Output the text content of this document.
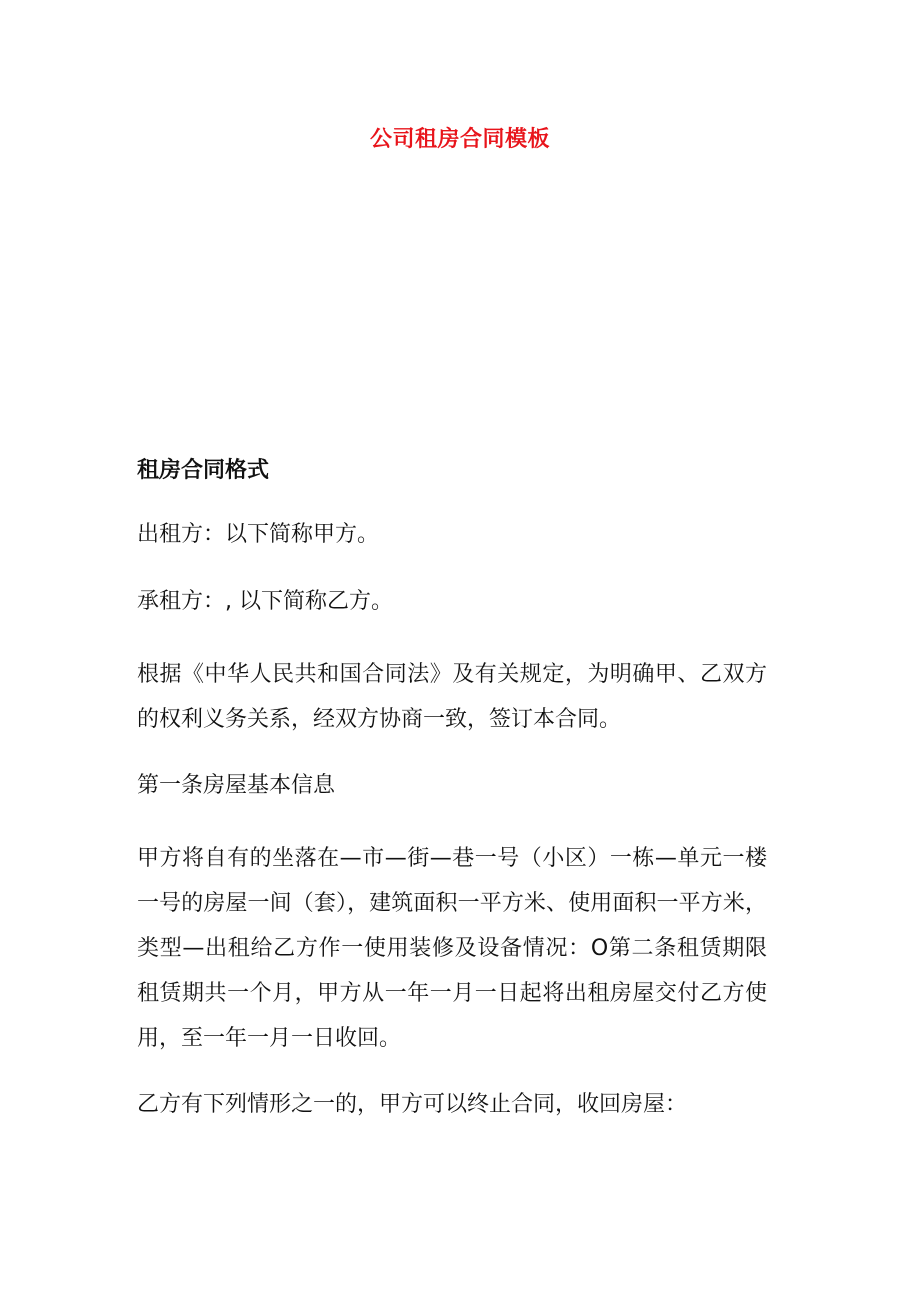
公司租房合同模板
租房合同格式

出租方：以下简称甲方。

承租方：, 以下简称乙方。

根据《中华人民共和国合同法》及有关规定，为明确甲、乙双方的权利义务关系，经双方协商一致，签订本合同。

第一条房屋基本信息

甲方将自有的坐落在—市—街—巷一号（小区）一栋—单元一楼一号的房屋一间（套），建筑面积一平方米、使用面积一平方米，类型—出租给乙方作一使用装修及设备情况：O第二条租赁期限租赁期共一个月，甲方从一年一月一日起将出租房屋交付乙方使用，至一年一月一日收回。

乙方有下列情形之一的，甲方可以终止合同，收回房屋：
